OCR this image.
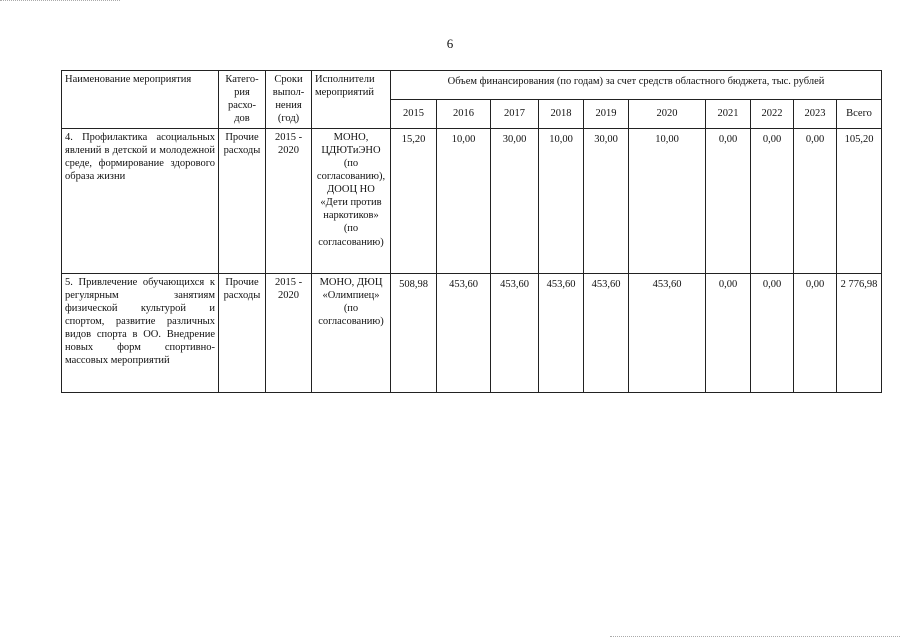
6
Наименование мероприятия	Катего-рия расхо-дов	Сроки выпол-нения (год)	Исполнители мероприятий	Объем финансирования (по годам) за счет средств областного бюджета, тыс. рублей									
				2015	2016	2017	2018	2019	2020	2021	2022	2023	Всего
4. Профилактика асоциальных явлений в детской и молодежной среде, формирование здорового образа жизни	Прочие расходы	2015 - 2020	МОНО, ЦДЮТиЭНО (по согласованию), ДООЦ НО «Дети против наркотиков» (по согласованию)	15,20	10,00	30,00	10,00	30,00	10,00	0,00	0,00	0,00	105,20
5. Привлечение обучающихся к регулярным занятиям физической культурой и спортом, развитие различных видов спорта в ОО. Внедрение новых форм спортивно-массовых мероприятий	Прочие расходы	2015 - 2020	МОНО, ДЮЦ «Олимпиец» (по согласованию)	508,98	453,60	453,60	453,60	453,60	453,60	0,00	0,00	0,00	2 776,98
